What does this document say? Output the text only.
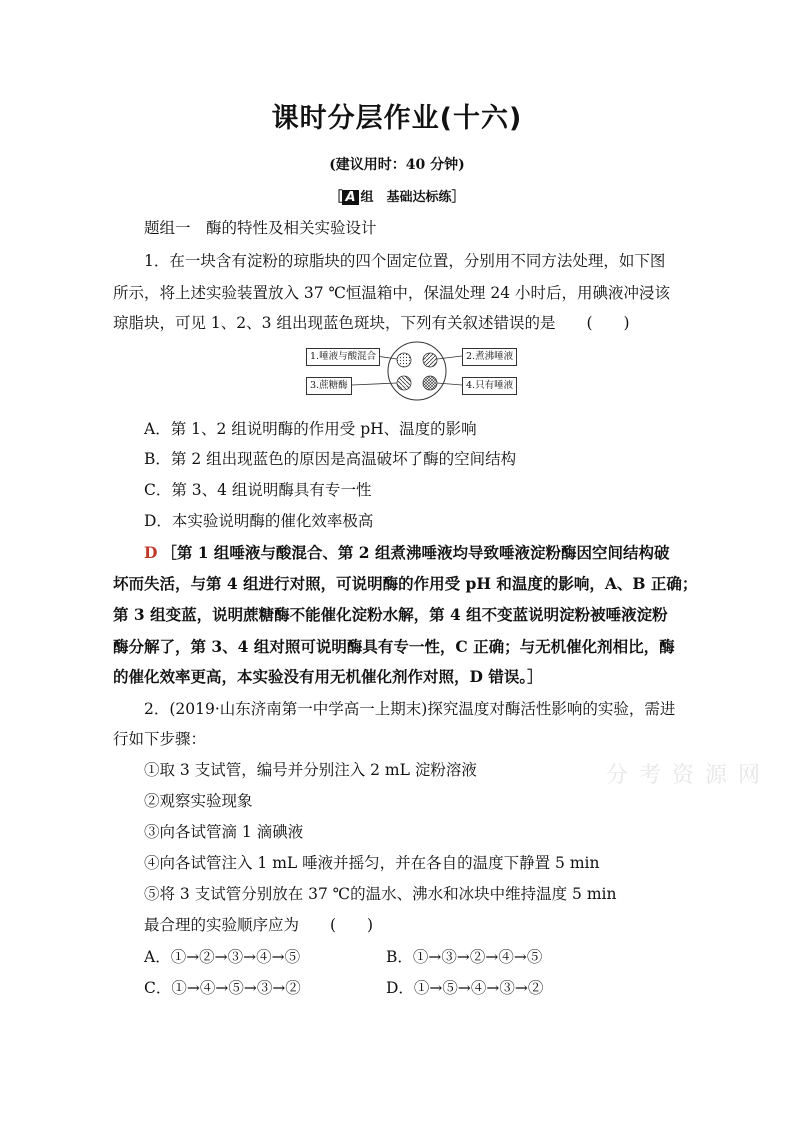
课时分层作业(十六)
(建议用时：40 分钟)
［ A 组　基础达标练］
题组一　酶的特性及相关实验设计
1．在一块含有淀粉的琼脂块的四个固定位置，分别用不同方法处理，如下图
所示，将上述实验装置放入 37 ℃恒温箱中，保温处理 24 小时后，用碘液冲浸该
琼脂块，可见 1、2、3 组出现蓝色斑块，下列有关叙述错误的是　　(　　)
1.唾液与酸混合	2.煮沸唾液
3.蔗糖酶	4.只有唾液
A．第 1、2 组说明酶的作用受 pH、温度的影响
B．第 2 组出现蓝色的原因是高温破坏了酶的空间结构
C．第 3、4 组说明酶具有专一性
D．本实验说明酶的催化效率极高
D  ［第 1 组唾液与酸混合、第 2 组煮沸唾液均导致唾液淀粉酶因空间结构破
坏而失活，与第 4 组进行对照，可说明酶的作用受 pH 和温度的影响，A、B 正确；
第 3 组变蓝，说明蔗糖酶不能催化淀粉水解，第 4 组不变蓝说明淀粉被唾液淀粉
酶分解了，第 3、4 组对照可说明酶具有专一性，C 正确；与无机催化剂相比，酶
的催化效率更高，本实验没有用无机催化剂作对照，D 错误。］
2．(2019·山东济南第一中学高一上期末)探究温度对酶活性影响的实验，需进
行如下步骤：
①取 3 支试管，编号并分别注入 2 mL 淀粉溶液
②观察实验现象
③向各试管滴 1 滴碘液
④向各试管注入 1 mL 唾液并摇匀，并在各自的温度下静置 5 min
⑤将 3 支试管分别放在 37 ℃的温水、沸水和冰块中维持温度 5 min
最合理的实验顺序应为　　(　　)
A．①→②→③→④→⑤	B．①→③→②→④→⑤
C．①→④→⑤→③→②	D．①→⑤→④→③→②
分 考 资 源 网
